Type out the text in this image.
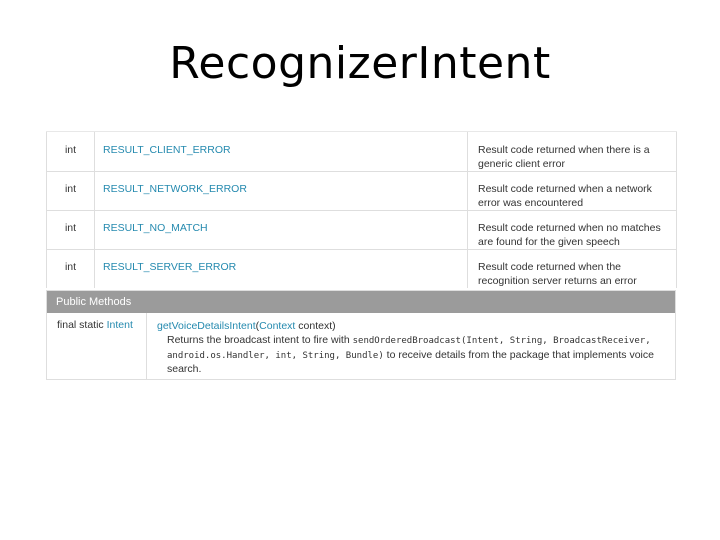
RecognizerIntent
int	RESULT_CLIENT_ERROR	Result code returned when there is a generic client error
int	RESULT_NETWORK_ERROR	Result code returned when a network error was encountered
int	RESULT_NO_MATCH	Result code returned when no matches are found for the given speech
int	RESULT_SERVER_ERROR	Result code returned when the recognition server returns an error
Public Methods
final static Intent	getVoiceDetailsIntent(Context context)
Returns the broadcast intent to fire with sendOrderedBroadcast(Intent, String, BroadcastReceiver, android.os.Handler, int, String, Bundle) to receive details from the package that implements voice search.
